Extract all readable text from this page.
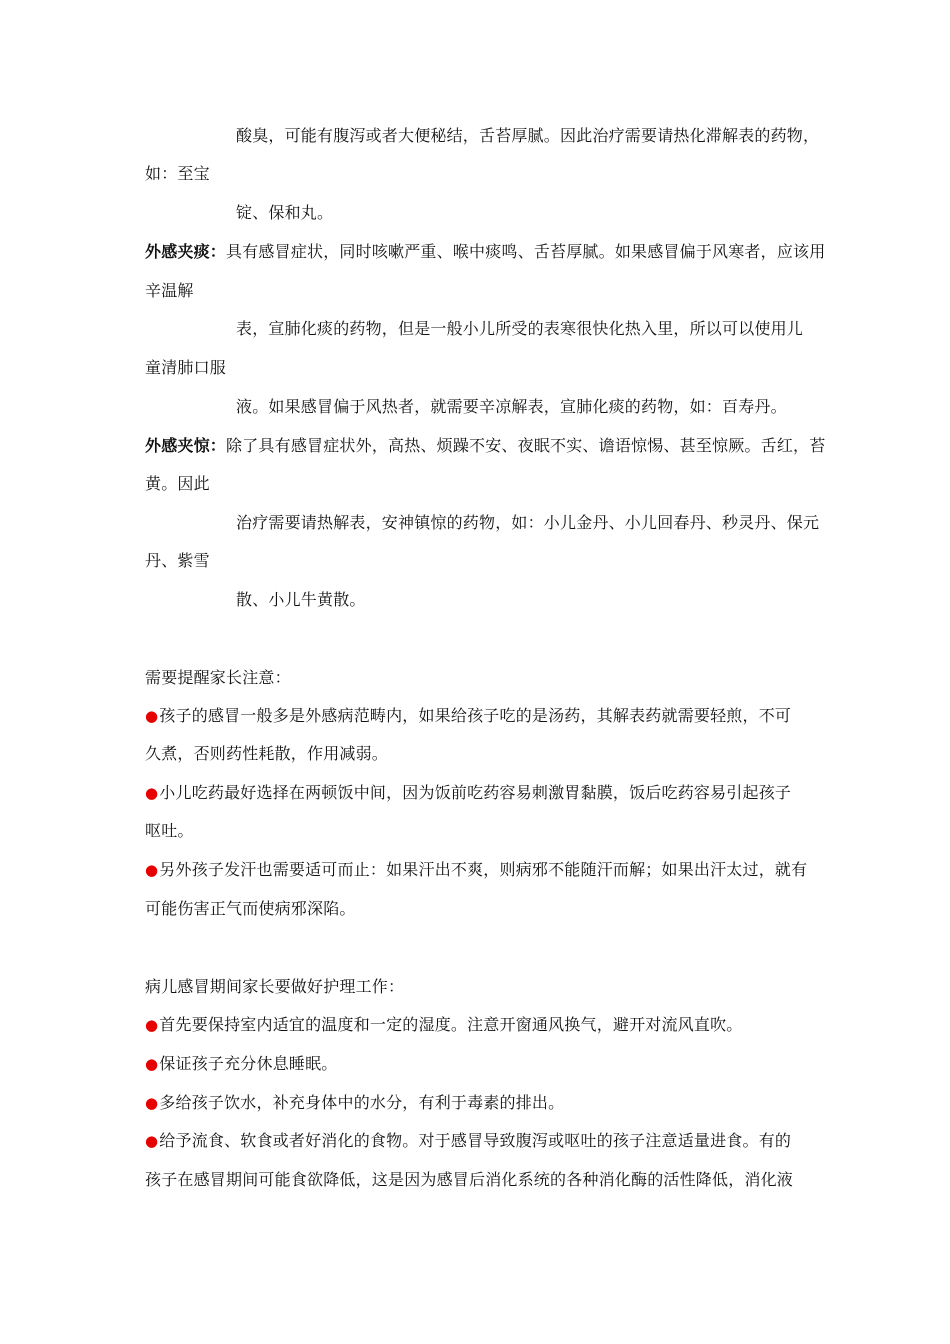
酸臭，可能有腹泻或者大便秘结，舌苔厚腻。因此治疗需要请热化滞解表的药物，
如：至宝
锭、保和丸。
外感夹痰：具有感冒症状，同时咳嗽严重、喉中痰鸣、舌苔厚腻。如果感冒偏于风寒者，应该用
辛温解
表，宣肺化痰的药物，但是一般小儿所受的表寒很快化热入里，所以可以使用儿
童清肺口服
液。如果感冒偏于风热者，就需要辛凉解表，宣肺化痰的药物，如：百寿丹。
外感夹惊：除了具有感冒症状外，高热、烦躁不安、夜眠不实、谵语惊惕、甚至惊厥。舌红，苔
黄。因此
治疗需要请热解表，安神镇惊的药物，如：小儿金丹、小儿回春丹、秒灵丹、保元
丹、紫雪
散、小儿牛黄散。
需要提醒家长注意：
●孩子的感冒一般多是外感病范畴内，如果给孩子吃的是汤药，其解表药就需要轻煎，不可
久煮，否则药性耗散，作用减弱。
●小儿吃药最好选择在两顿饭中间，因为饭前吃药容易刺激胃黏膜，饭后吃药容易引起孩子
呕吐。
●另外孩子发汗也需要适可而止：如果汗出不爽，则病邪不能随汗而解；如果出汗太过，就有
可能伤害正气而使病邪深陷。
病儿感冒期间家长要做好护理工作：
●首先要保持室内适宜的温度和一定的湿度。注意开窗通风换气，避开对流风直吹。
●保证孩子充分休息睡眠。
●多给孩子饮水，补充身体中的水分，有利于毒素的排出。
●给予流食、软食或者好消化的食物。对于感冒导致腹泻或呕吐的孩子注意适量进食。有的
孩子在感冒期间可能食欲降低，这是因为感冒后消化系统的各种消化酶的活性降低，消化液
